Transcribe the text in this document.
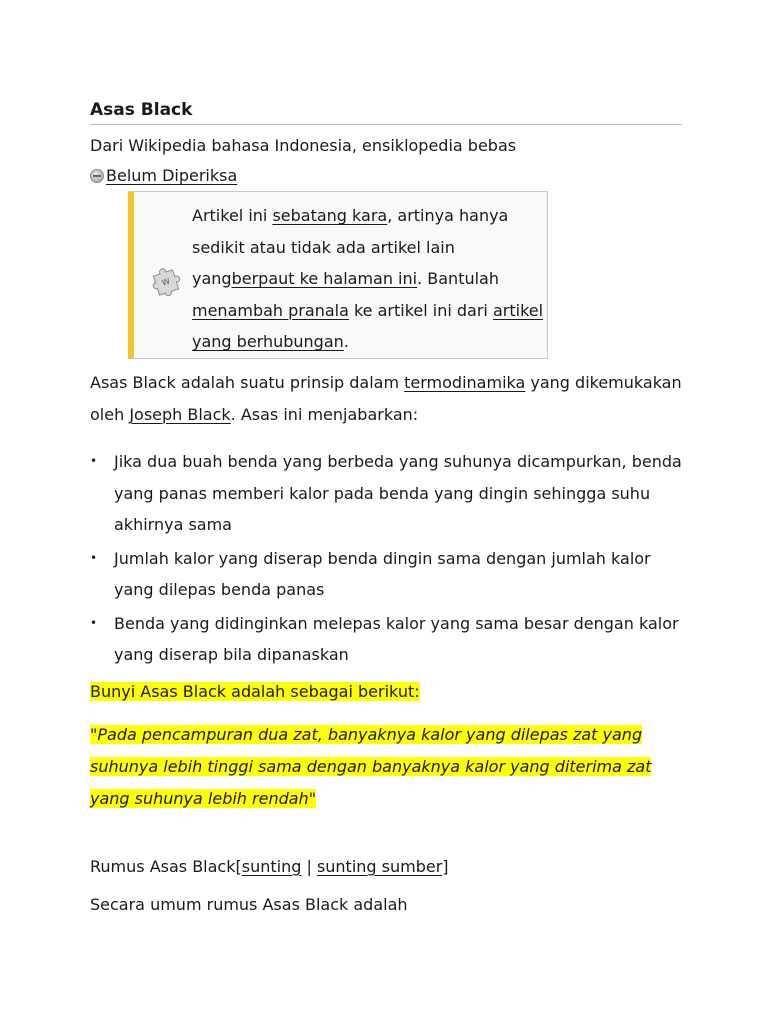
Asas Black
Dari Wikipedia bahasa Indonesia, ensiklopedia bebas
Belum Diperiksa
W
Artikel ini sebatang kara, artinya hanya sedikit atau tidak ada artikel lain yangberpaut ke halaman ini. Bantulah menambah pranala ke artikel ini dari artikel yang berhubungan.
Asas Black adalah suatu prinsip dalam termodinamika yang dikemukakan oleh Joseph Black. Asas ini menjabarkan:
• Jika dua buah benda yang berbeda yang suhunya dicampurkan, benda yang panas memberi kalor pada benda yang dingin sehingga suhu akhirnya sama
• Jumlah kalor yang diserap benda dingin sama dengan jumlah kalor yang dilepas benda panas
• Benda yang didinginkan melepas kalor yang sama besar dengan kalor yang diserap bila dipanaskan
Bunyi Asas Black adalah sebagai berikut:
"Pada pencampuran dua zat, banyaknya kalor yang dilepas zat yang suhunya lebih tinggi sama dengan banyaknya kalor yang diterima zat yang suhunya lebih rendah"
Rumus Asas Black[sunting | sunting sumber]
Secara umum rumus Asas Black adalah
